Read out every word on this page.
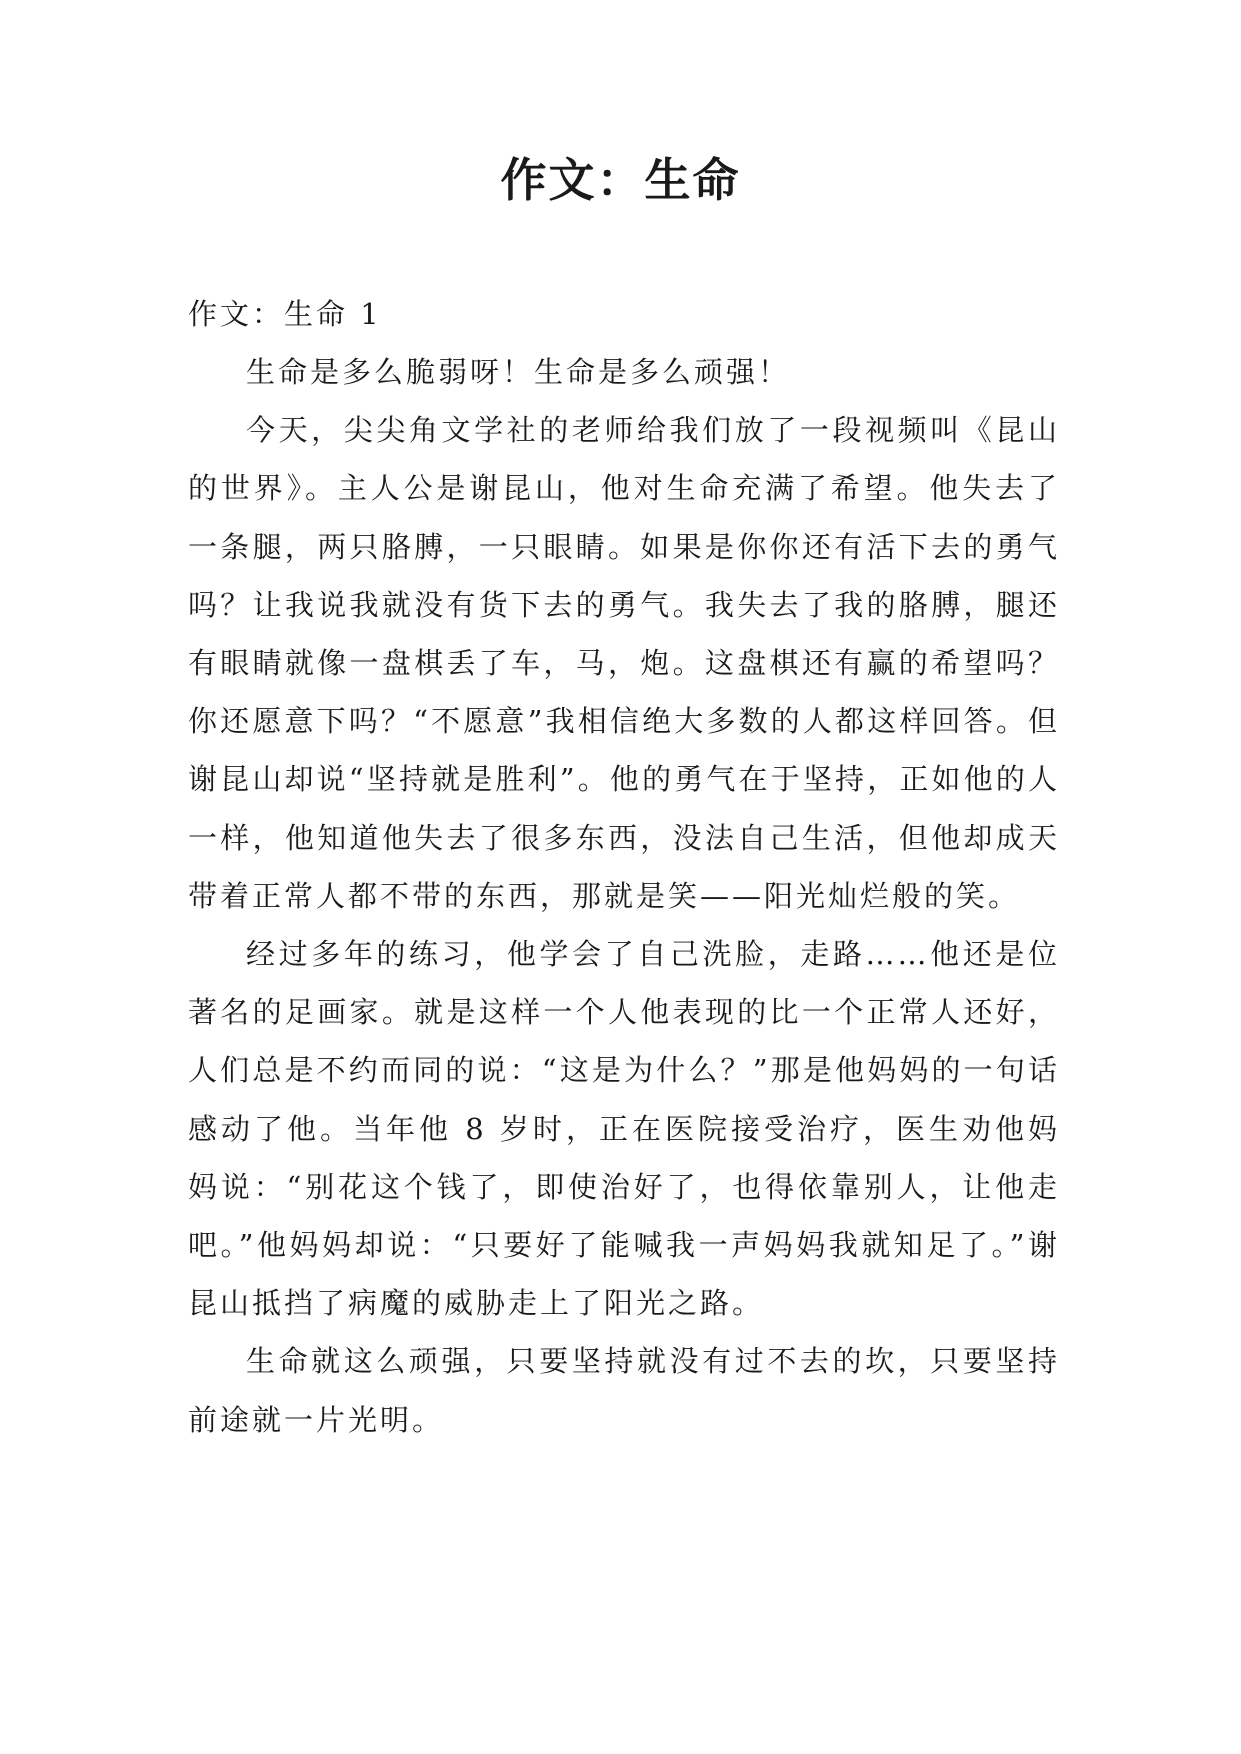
作文：生命

作文：生命 1

生命是多么脆弱呀！生命是多么顽强！

今天，尖尖角文学社的老师给我们放了一段视频叫《昆山的世界》。主人公是谢昆山，他对生命充满了希望。他失去了一条腿，两只胳膊，一只眼睛。如果是你你还有活下去的勇气吗？让我说我就没有货下去的勇气。我失去了我的胳膊，腿还有眼睛就像一盘棋丢了车，马，炮。这盘棋还有赢的希望吗？你还愿意下吗？“不愿意”我相信绝大多数的人都这样回答。但谢昆山却说“坚持就是胜利”。他的勇气在于坚持，正如他的人一样，他知道他失去了很多东西，没法自己生活，但他却成天带着正常人都不带的东西，那就是笑——阳光灿烂般的笑。

经过多年的练习，他学会了自己洗脸，走路……他还是位著名的足画家。就是这样一个人他表现的比一个正常人还好，人们总是不约而同的说：“这是为什么？”那是他妈妈的一句话感动了他。当年他 8 岁时，正在医院接受治疗，医生劝他妈妈说：“别花这个钱了，即使治好了，也得依靠别人，让他走吧。”他妈妈却说：“只要好了能喊我一声妈妈我就知足了。”谢昆山抵挡了病魔的威胁走上了阳光之路。

生命就这么顽强，只要坚持就没有过不去的坎，只要坚持前途就一片光明。
